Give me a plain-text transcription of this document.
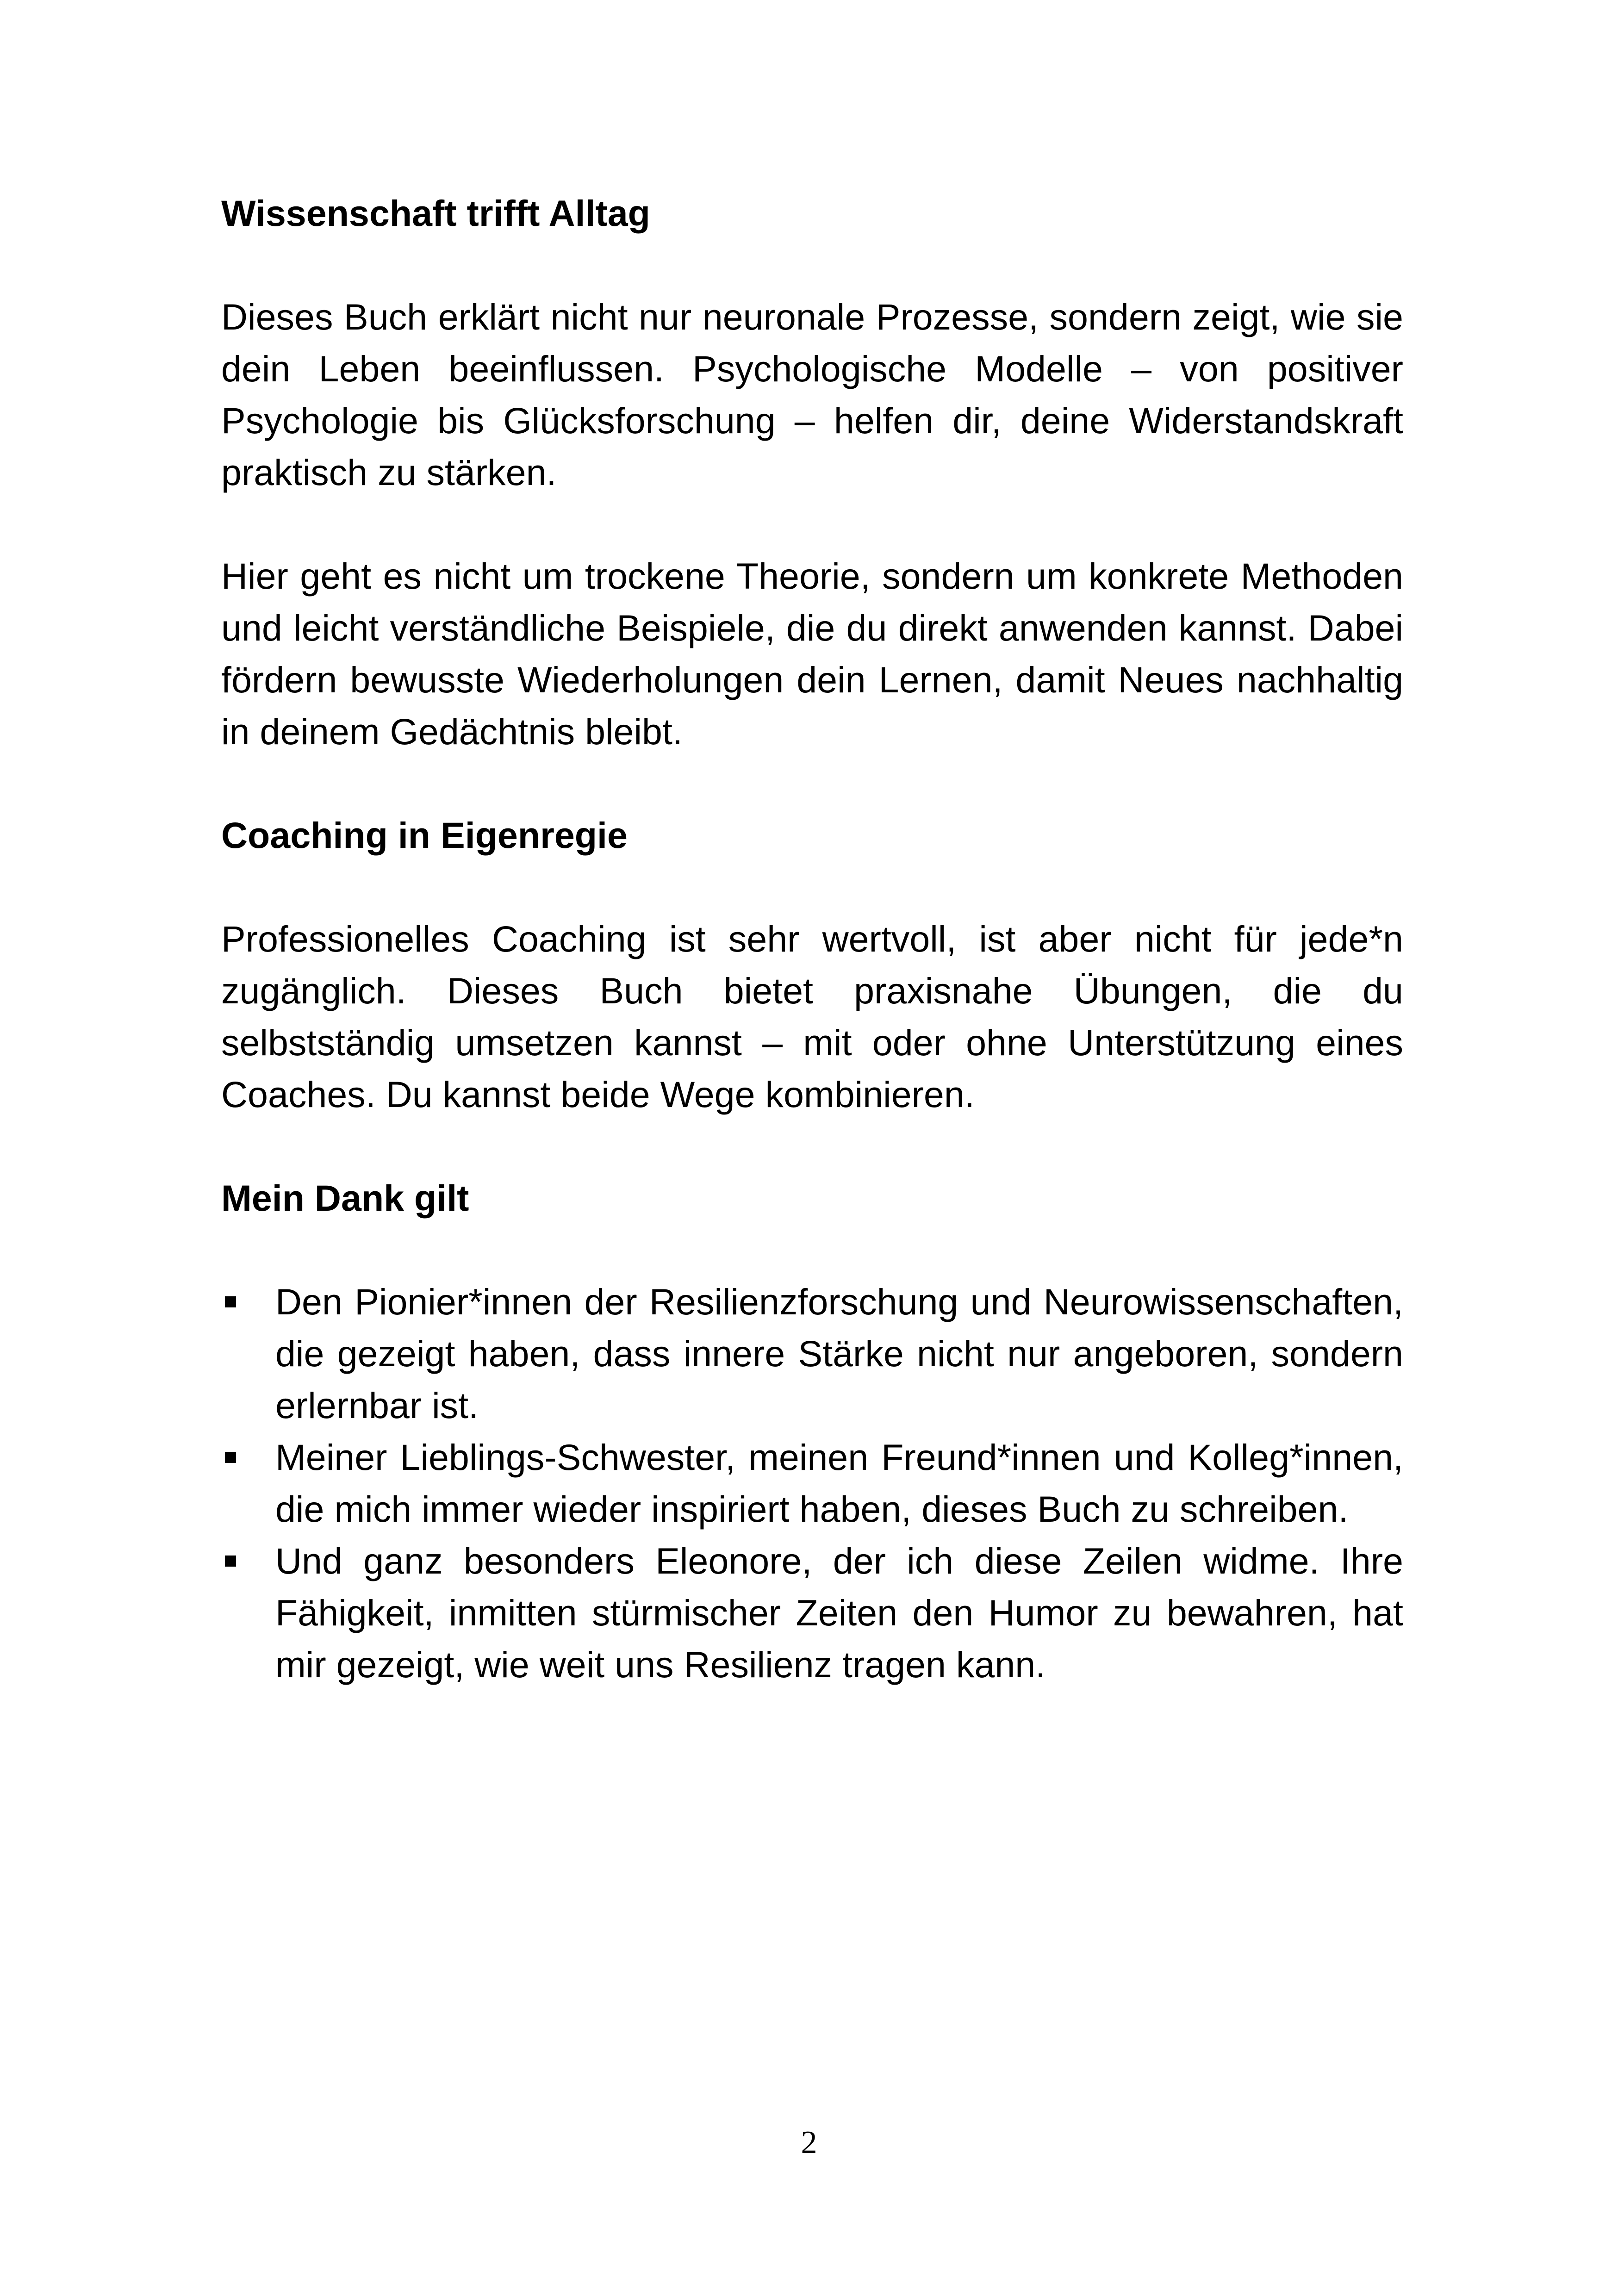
Wissenschaft trifft Alltag

Dieses Buch erklärt nicht nur neuronale Prozesse, sondern zeigt, wie sie dein Leben beeinflussen. Psychologische Modelle – von positiver Psychologie bis Glücksforschung – helfen dir, deine Widerstandskraft praktisch zu stärken.

Hier geht es nicht um trockene Theorie, sondern um konkrete Methoden und leicht verständliche Beispiele, die du direkt anwenden kannst. Dabei fördern bewusste Wiederholungen dein Lernen, damit Neues nachhaltig in deinem Gedächtnis bleibt.

Coaching in Eigenregie

Professionelles Coaching ist sehr wertvoll, ist aber nicht für jede*n zugänglich. Dieses Buch bietet praxisnahe Übungen, die du selbstständig umsetzen kannst – mit oder ohne Unterstützung eines Coaches. Du kannst beide Wege kombinieren.

Mein Dank gilt
Den Pionier*innen der Resilienzforschung und Neurowissenschaften, die gezeigt haben, dass innere Stärke nicht nur angeboren, sondern erlernbar ist.
Meiner Lieblings-Schwester, meinen Freund*innen und Kolleg*innen, die mich immer wieder inspiriert haben, dieses Buch zu schreiben.
Und ganz besonders Eleonore, der ich diese Zeilen widme. Ihre Fähigkeit, inmitten stürmischer Zeiten den Humor zu bewahren, hat mir gezeigt, wie weit uns Resilienz tragen kann.
2
